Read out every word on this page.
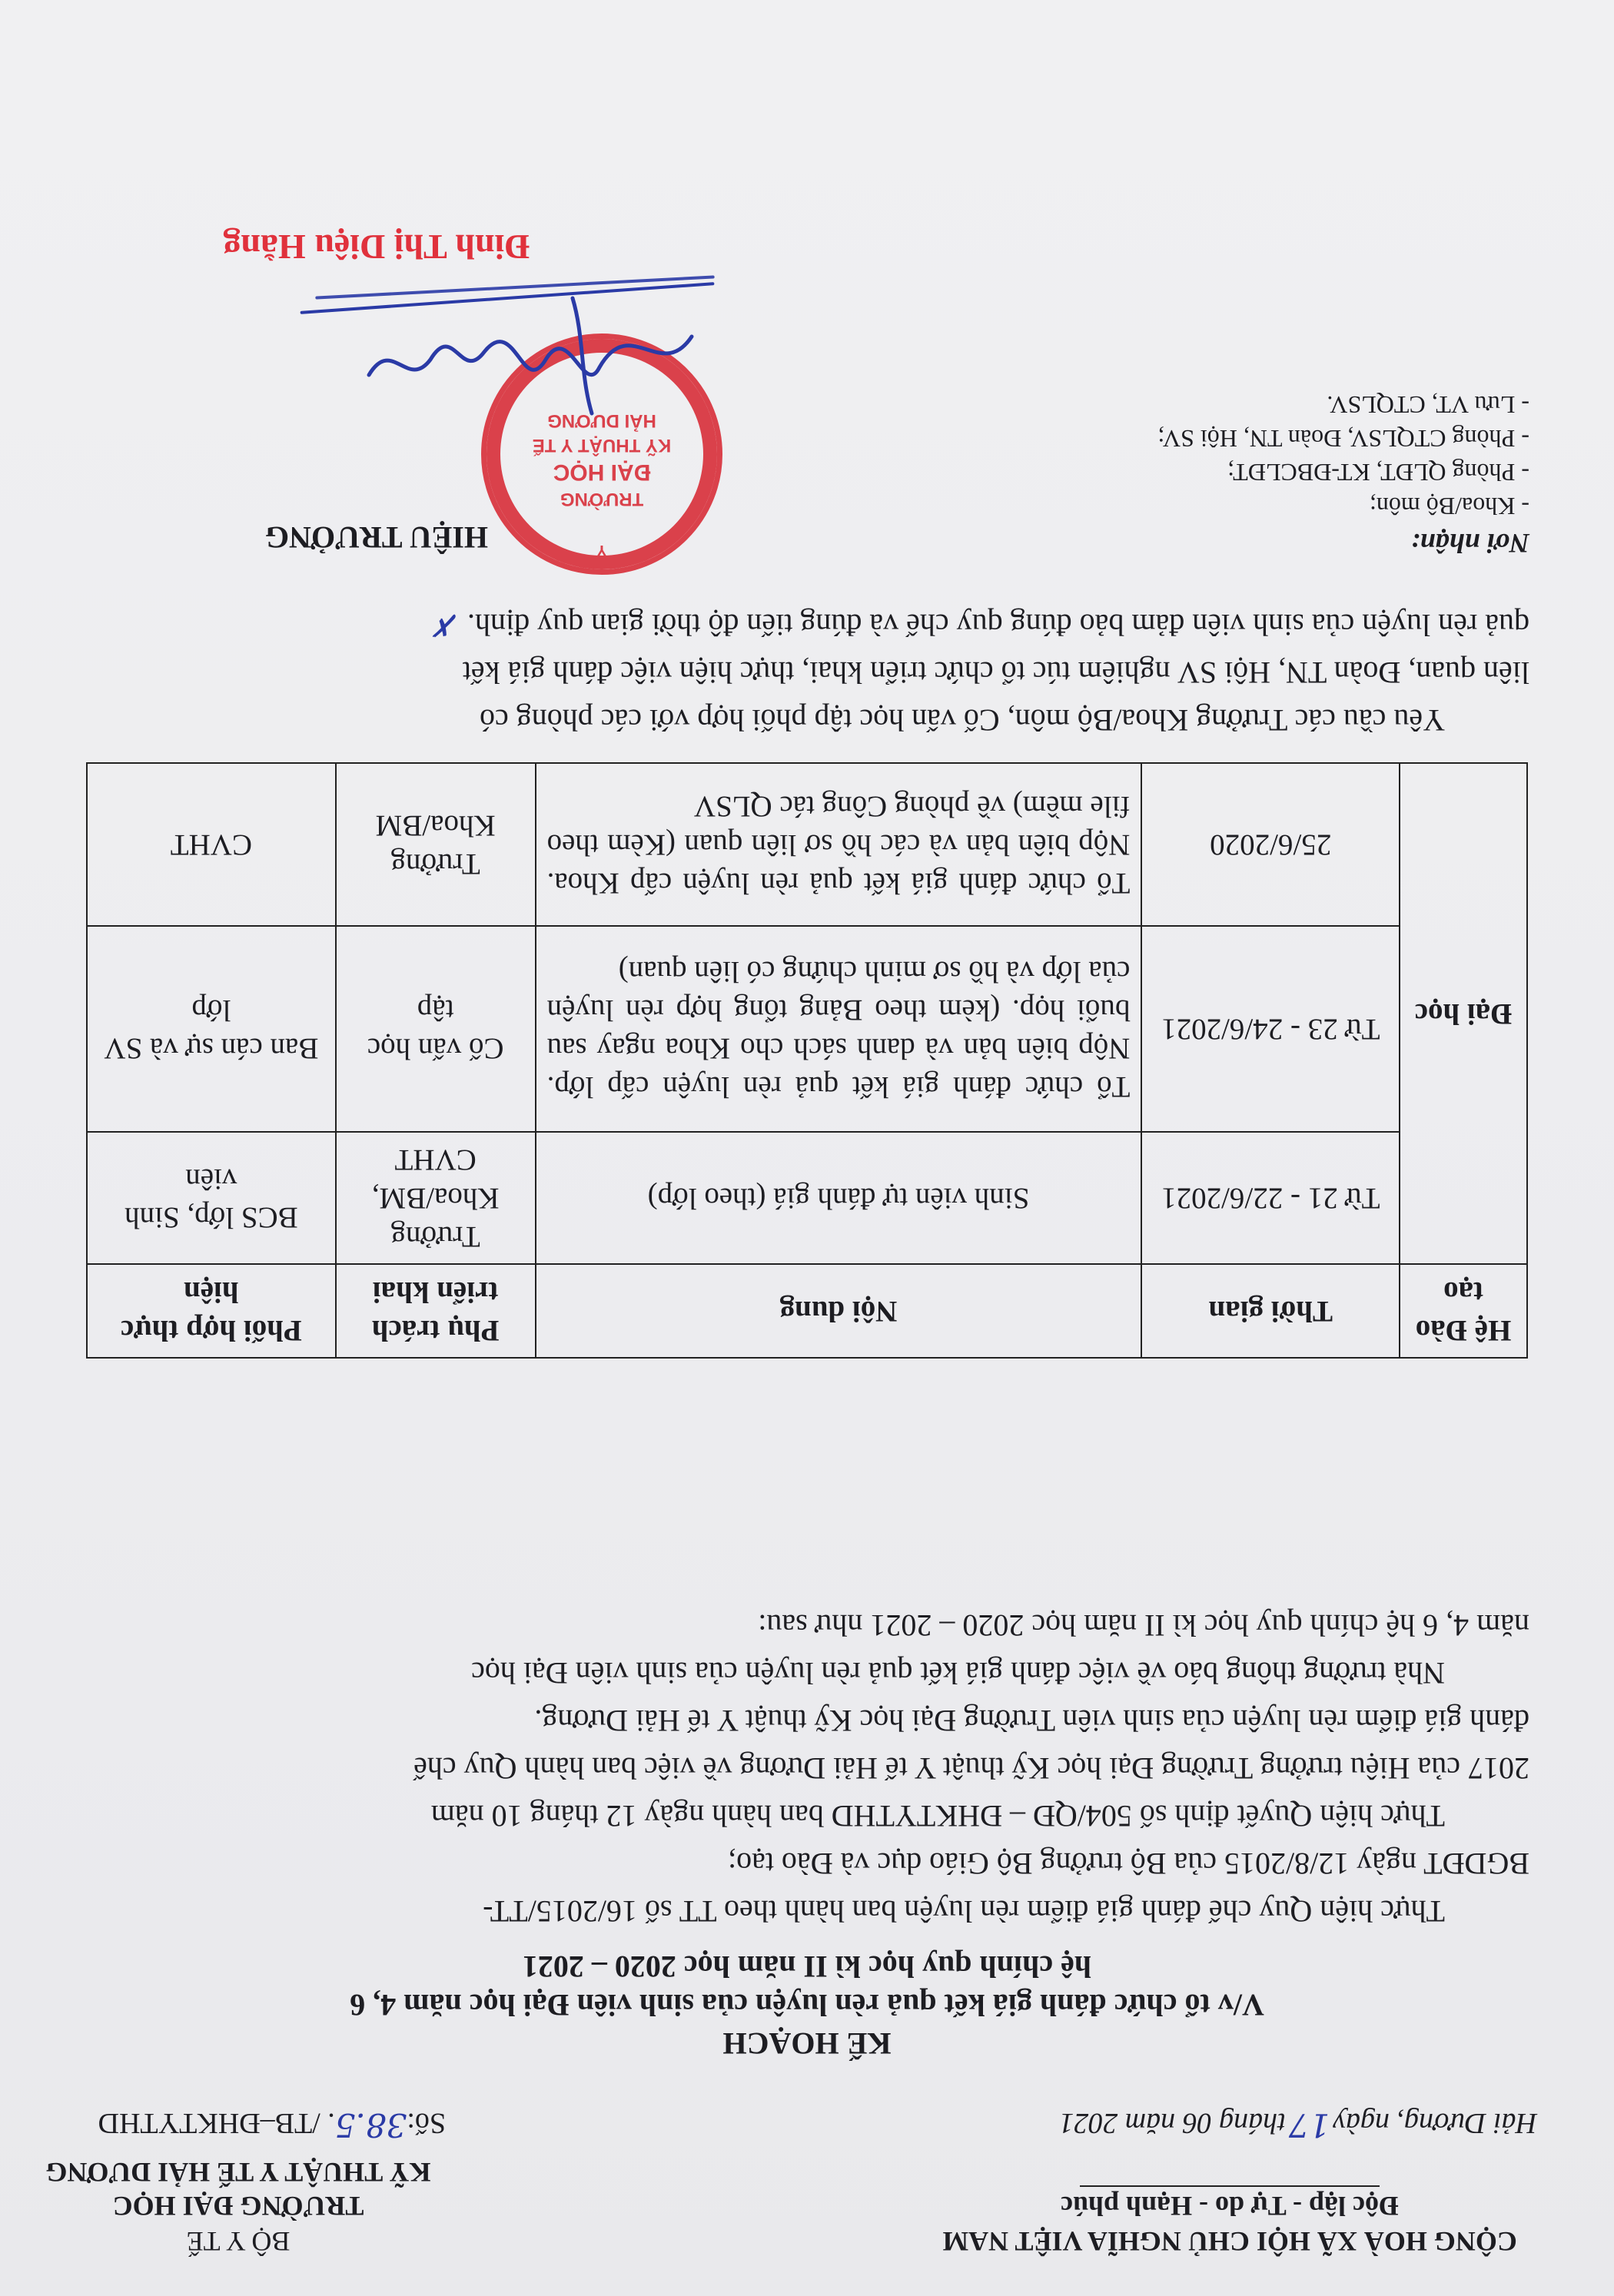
BỘ Y TẾ
TRƯỜNG ĐẠI HỌC
KỸ THUẬT Y TẾ HẢI DƯƠNG
Số:38.5. /TB–ĐHKTYTHD
CỘNG HOÀ XÃ HỘI CHỦ NGHĨA VIỆT NAM
Độc lập - Tự do - Hạnh phúc
Hải Dương, ngày17tháng 06 năm 2021
KẾ HOẠCH
V/v tổ chức đánh giá kết quả rèn luyện của sinh viên Đại học năm 4, 6
hệ chính quy học kì II năm học 2020 – 2021

Thực hiện Quy chế đánh giá điểm rèn luyện ban hành theo TT số 16/2015/TT-

BGDĐT ngày 12/8/2015 của Bộ trưởng Bộ Giáo dục và Đào tạo;

Thực hiện Quyết định số 504/QĐ – ĐHKTYTHD ban hành ngày 12 tháng 10 năm

2017 của Hiệu trưởng Trường Đại học Kỹ thuật Y tế Hải Dương về việc ban hành Quy chế

đánh giá điểm rèn luyện của sinh viên Trường Đại học Kỹ thuật Y tế Hải Dương.

Nhà trường thông báo về việc đánh giá kết quả rèn luyện của sinh viên Đại học

năm 4, 6 hệ chính quy học kì II năm học 2020 – 2021 như sau:

Hệ Đào tạo	Thời gian	Nội dung	Phụ trách triển khai	Phối hợp thực hiện
Đại học	Từ 21 - 22/6/2021	Sinh viên tự đánh giá (theo lớp)	Trưởng Khoa/BM, CVHT	BCS lớp, Sinh viên
	Từ 23 - 24/6/2021	Tổ chức đánh giá kết quả rèn luyện cấp lớp. Nộp biên bản và danh sách cho Khoa ngay sau buổi họp. (kèm theo Bảng tổng hợp rèn luyện của lớp và hồ sơ minh chứng có liên quan)	Cố vấn học tập	Ban cán sự và SV lớp
	25/6/2020	Tổ chức đánh giá kết quả rèn luyện cấp Khoa. Nộp biên bản và các hồ sơ liên quan (Kèm theo file mềm) về phòng Công tác QLSV	Trưởng Khoa/BM	CVHT

Yêu cầu các Trưởng Khoa/Bộ môn, Cố vấn học tập phối hợp với các phòng có

liên quan, Đoàn TN, Hội SV nghiêm túc tổ chức triển khai, thực hiện việc đánh giá kết

quả rèn luyện của sinh viên đảm bảo đúng quy chế và đúng tiến độ thời gian quy định. ✗

Nơi nhận:
- Khoa/Bộ môn;
- Phòng QLĐT, KT-ĐBCLĐT;
- Phòng CTQLSV, Đoàn TN, Hội SV;
- Lưu VT, CTQLSV.
HIỆU TRƯỞNG	Y
TRƯỜNG
ĐẠI HỌC
KỸ THUẬT Y TẾ
HẢI DƯƠNG
Đinh Thị Diệu Hằng
